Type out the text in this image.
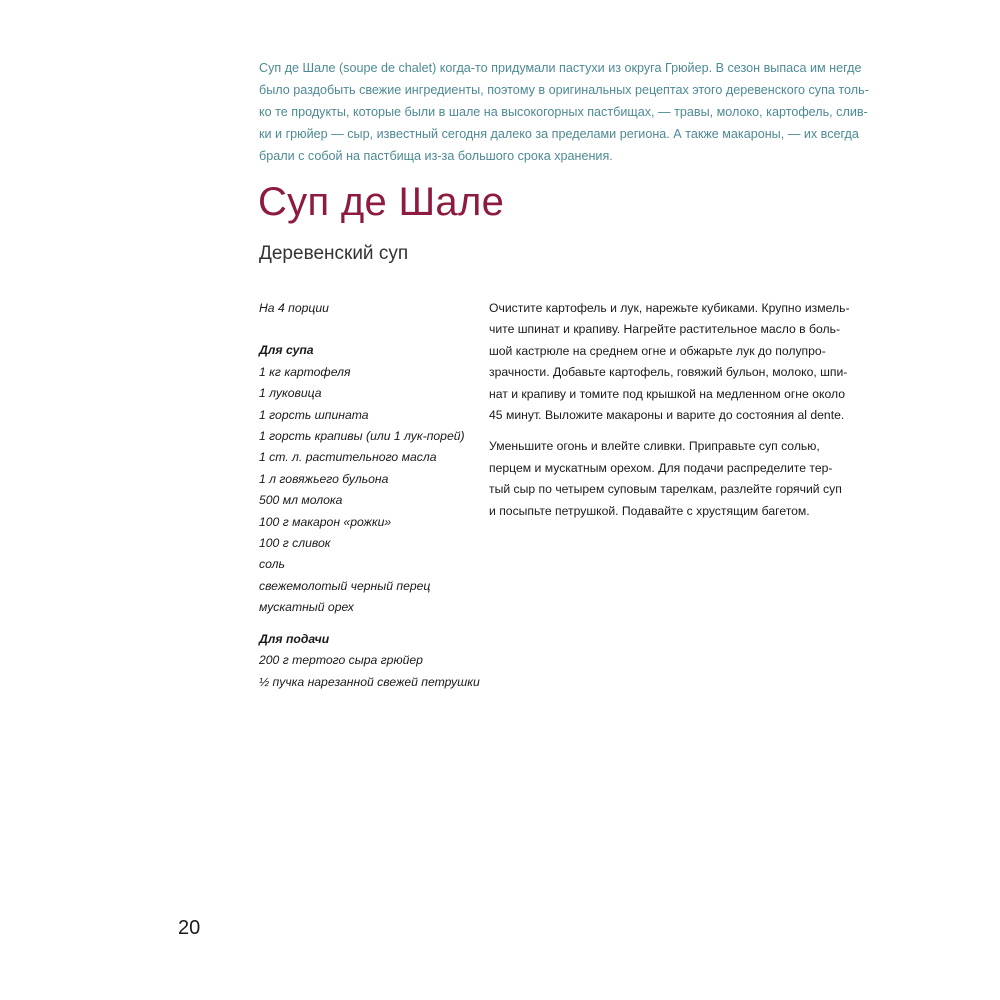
Суп де Шале (soupe de chalet) когда-то придумали пастухи из округа Грюйер. В сезон выпаса им негде
было раздобыть свежие ингредиенты, поэтому в оригинальных рецептах этого деревенского супа толь-
ко те продукты, которые были в шале на высокогорных пастбищах, — травы, молоко, картофель, слив-
ки и грюйер — сыр, известный сегодня далеко за пределами региона. А также макароны, — их всегда
брали с собой на пастбища из-за большого срока хранения.

Суп де Шале
Деревенский суп
На 4 порции
Для супа
1 кг картофеля
1 луковица
1 горсть шпината
1 горсть крапивы (или 1 лук-порей)
1 ст. л. растительного масла
1 л говяжьего бульона
500 мл молока
100 г макарон «рожки»
100 г сливок
соль
свежемолотый черный перец
мускатный орех
Для подачи
200 г тертого сыра грюйер
½ пучка нарезанной свежей петрушки

Очистите картофель и лук, нарежьте кубиками. Крупно измель-
чите шпинат и крапиву. Нагрейте растительное масло в боль-
шой кастрюле на среднем огне и обжарьте лук до полупро-
зрачности. Добавьте картофель, говяжий бульон, молоко, шпи-
нат и крапиву и томите под крышкой на медленном огне около
45 минут. Выложите макароны и варите до состояния al dente.

Уменьшите огонь и влейте сливки. Приправьте суп солью,
перцем и мускатным орехом. Для подачи распределите тер-
тый сыр по четырем суповым тарелкам, разлейте горячий суп
и посыпьте петрушкой. Подавайте с хрустящим багетом.

20
